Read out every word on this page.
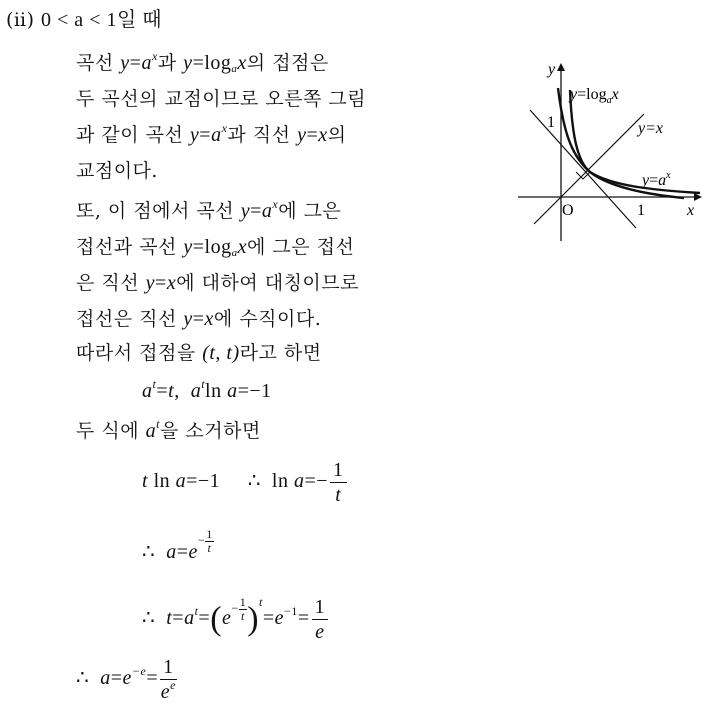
(ⅱ) 0 < a < 1일 때
곡선 $y=a^x$과 $y=\log_ax$의 접점은
두 곡선의 교점이므로 오른쪽 그림
과 같이 곡선 $y=a^x$과 직선 y=x의
교점이다.
또, 이 점에서 곡선 $y=a^x$에 그은
접선과 곡선 $y=\log_ax$에 그은 접선
은 직선 y=x에 대하여 대칭이므로
접선은 직선 y=x에 수직이다.
따라서 접점을 (t, t)라고 하면
$a^t=t$, $a^t\ln$ a=−1
두 식에 $a^t$을 소거하면
t ln a=−1 ∴ $\ln a=- \frac{1}{t}$
∴ $a=e- \frac{1}{t}$
∴ $t=a^t=(e- \frac{1}{t} )^t=e^{-1}= \frac{1}{e}$
∴ $a=e^{-e}= \frac{1}{e^e}$
y
x
O	1
1
$y=\log_ax$
y=x
$y=a^x$
